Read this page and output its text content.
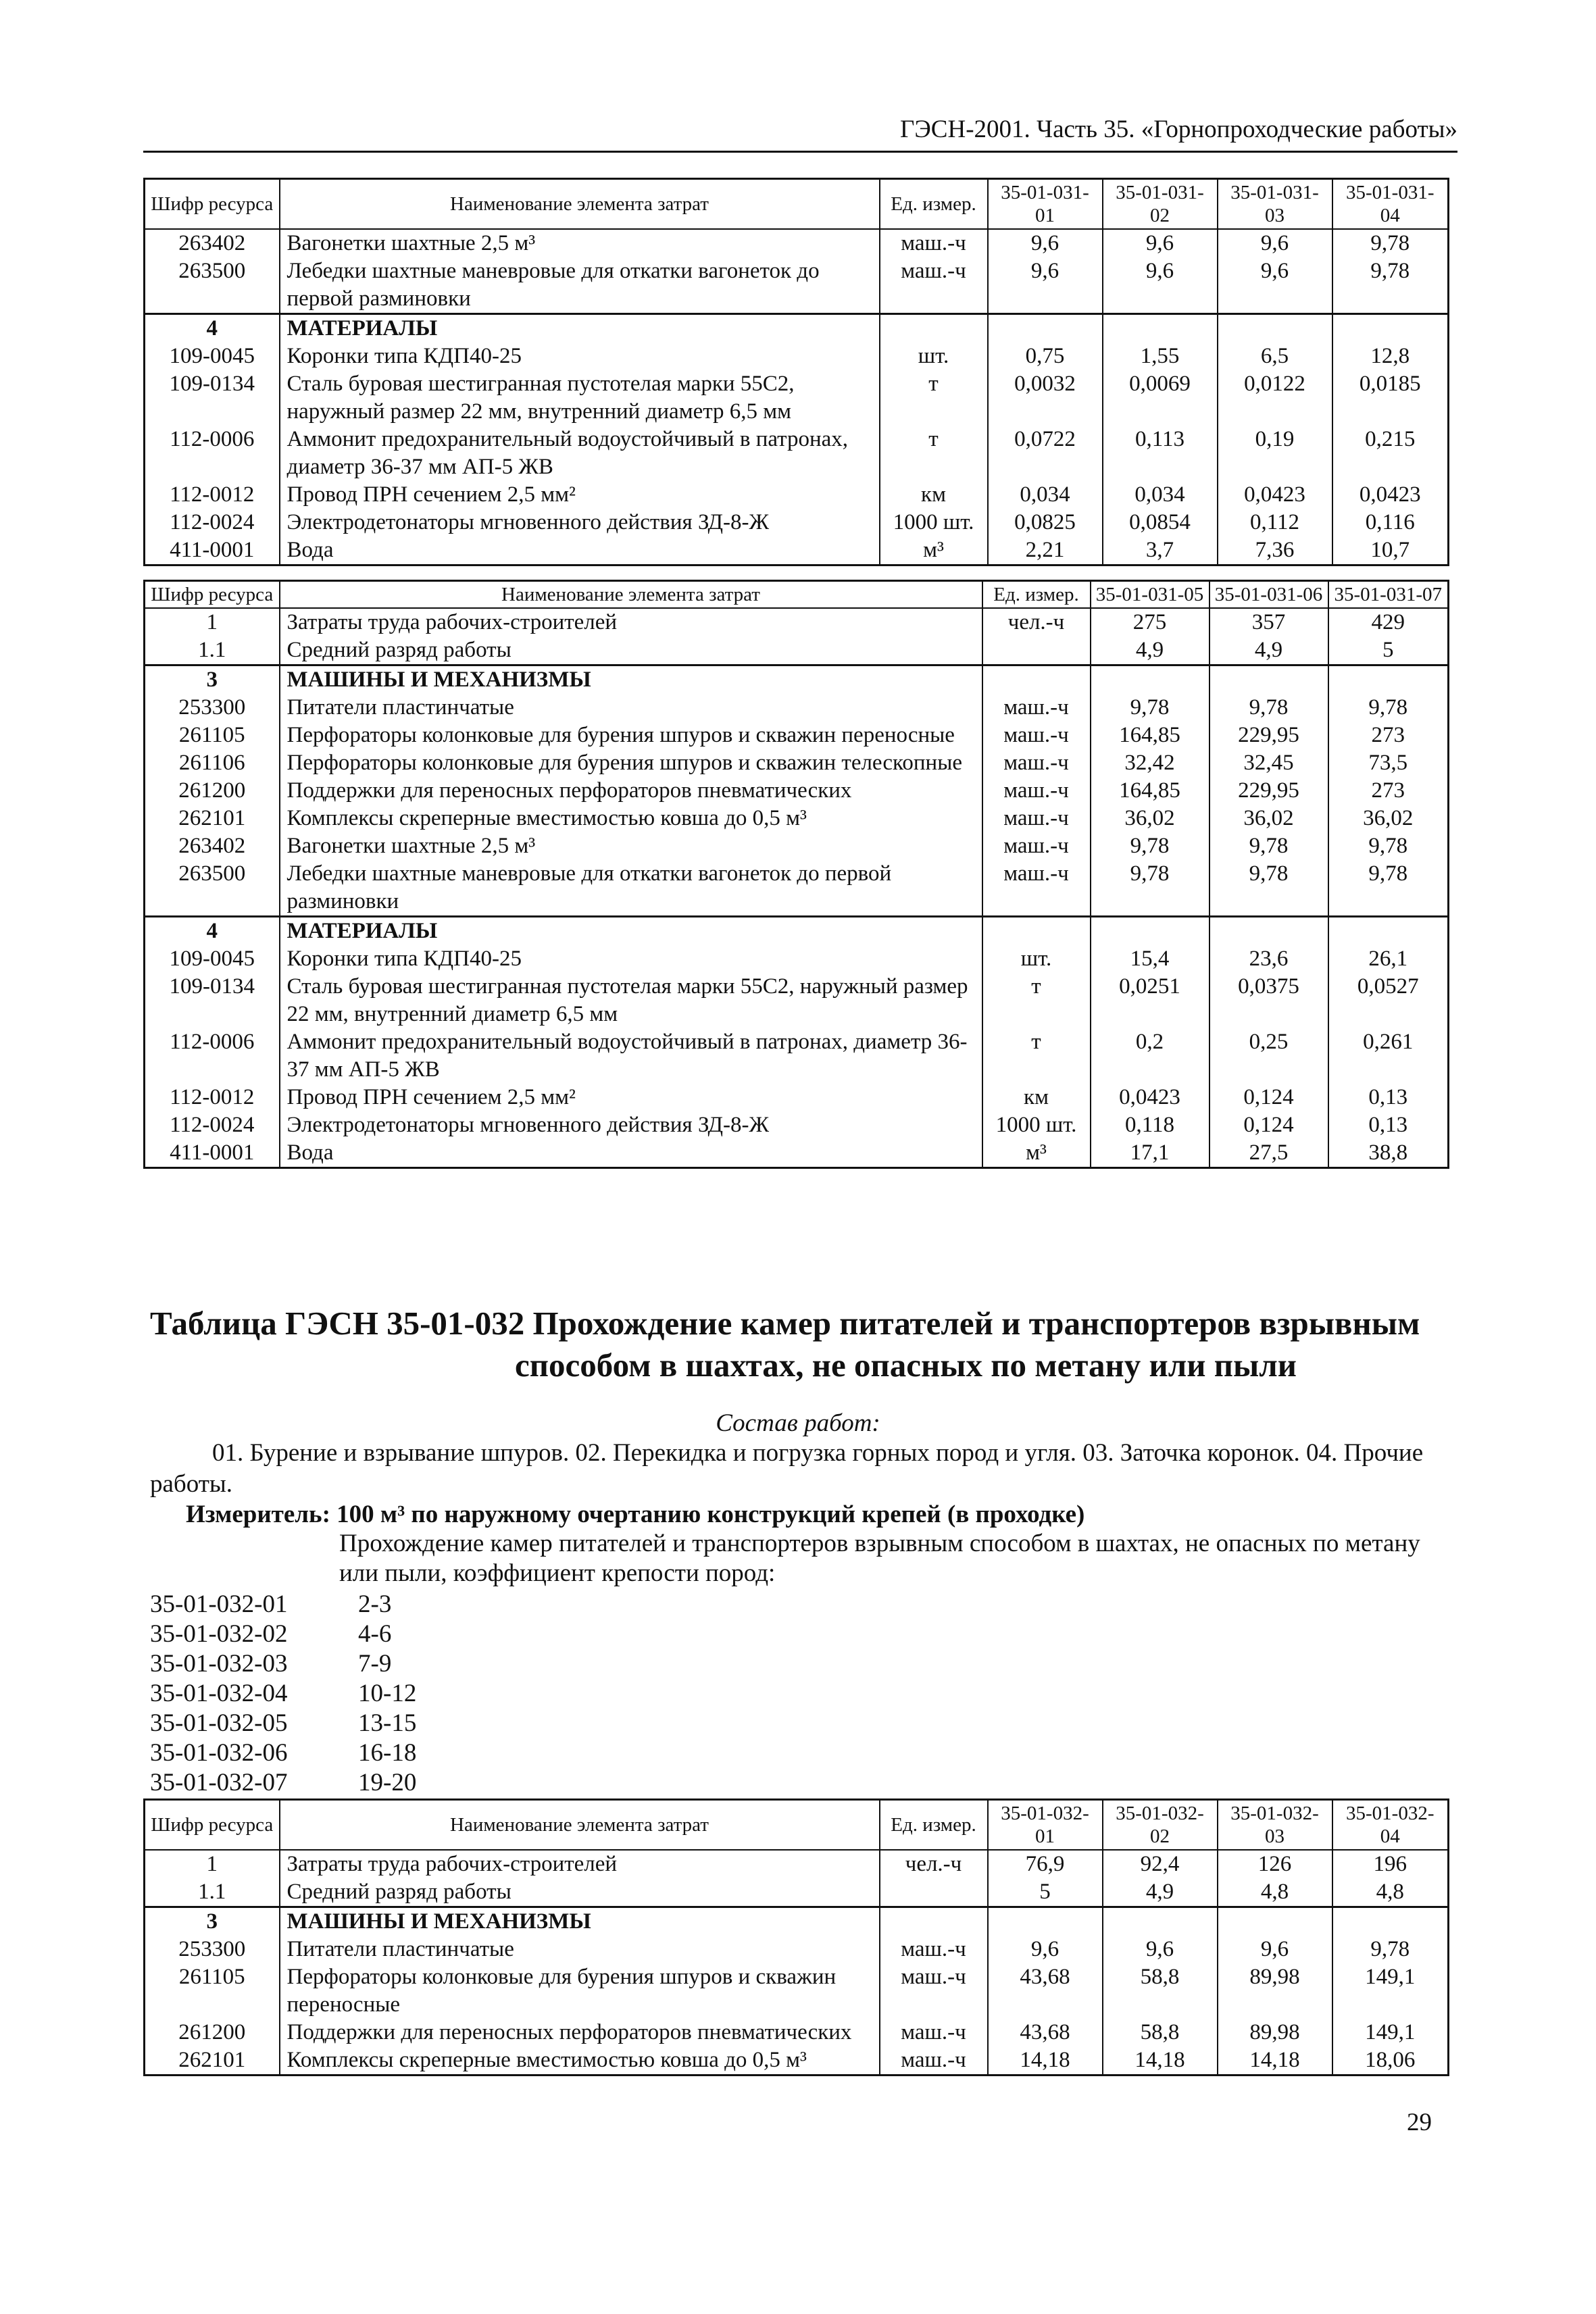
ГЭСН-2001. Часть 35. «Горнопроходческие работы»
Шифр ресурса	Наименование элемента затрат	Ед. измер.	35-01-031-01	35-01-031-02	35-01-031-03	35-01-031-04
263402	Вагонетки шахтные 2,5 м³	маш.-ч	9,6	9,6	9,6	9,78
263500	Лебедки шахтные маневровые для откатки вагонеток до первой разминовки	маш.-ч	9,6	9,6	9,6	9,78
4	МАТЕРИАЛЫ					
109-0045	Коронки типа КДП40-25	шт.	0,75	1,55	6,5	12,8
109-0134	Сталь буровая шестигранная пустотелая марки 55С2, наружный размер 22 мм, внутренний диаметр 6,5 мм	т	0,0032	0,0069	0,0122	0,0185
112-0006	Аммонит предохранительный водоустойчивый в патронах, диаметр 36-37 мм АП-5 ЖВ	т	0,0722	0,113	0,19	0,215
112-0012	Провод ПРН сечением 2,5 мм²	км	0,034	0,034	0,0423	0,0423
112-0024	Электродетонаторы мгновенного действия ЗД-8-Ж	1000 шт.	0,0825	0,0854	0,112	0,116
411-0001	Вода	м³	2,21	3,7	7,36	10,7
Шифр ресурса	Наименование элемента затрат	Ед. измер.	35-01-031-05	35-01-031-06	35-01-031-07
1	Затраты труда рабочих-строителей	чел.-ч	275	357	429
1.1	Средний разряд работы		4,9	4,9	5
3	МАШИНЫ И МЕХАНИЗМЫ				
253300	Питатели пластинчатые	маш.-ч	9,78	9,78	9,78
261105	Перфораторы колонковые для бурения шпуров и скважин переносные	маш.-ч	164,85	229,95	273
261106	Перфораторы колонковые для бурения шпуров и скважин телескопные	маш.-ч	32,42	32,45	73,5
261200	Поддержки для переносных перфораторов пневматических	маш.-ч	164,85	229,95	273
262101	Комплексы скреперные вместимостью ковша до 0,5 м³	маш.-ч	36,02	36,02	36,02
263402	Вагонетки шахтные 2,5 м³	маш.-ч	9,78	9,78	9,78
263500	Лебедки шахтные маневровые для откатки вагонеток до первой разминовки	маш.-ч	9,78	9,78	9,78
4	МАТЕРИАЛЫ				
109-0045	Коронки типа КДП40-25	шт.	15,4	23,6	26,1
109-0134	Сталь буровая шестигранная пустотелая марки 55С2, наружный размер 22 мм, внутренний диаметр 6,5 мм	т	0,0251	0,0375	0,0527
112-0006	Аммонит предохранительный водоустойчивый в патронах, диаметр 36-37 мм АП-5 ЖВ	т	0,2	0,25	0,261
112-0012	Провод ПРН сечением 2,5 мм²	км	0,0423	0,124	0,13
112-0024	Электродетонаторы мгновенного действия ЗД-8-Ж	1000 шт.	0,118	0,124	0,13
411-0001	Вода	м³	17,1	27,5	38,8
Таблица ГЭСН 35-01-032 Прохождение камер питателей и транспортеров взрывным
способом в шахтах, не опасных по метану или пыли
Состав работ:
01. Бурение и взрывание шпуров. 02. Перекидка и погрузка горных пород и угля. 03. Заточка коронок. 04. Прочие работы.
Измеритель: 100 м³ по наружному очертанию конструкций крепей (в проходке)
Прохождение камер питателей и транспортеров взрывным способом в шахтах, не опасных по метану или пыли, коэффициент крепости пород:
35-01-032-01	2-3
35-01-032-02	4-6
35-01-032-03	7-9
35-01-032-04	10-12
35-01-032-05	13-15
35-01-032-06	16-18
35-01-032-07	19-20
Шифр ресурса	Наименование элемента затрат	Ед. измер.	35-01-032-01	35-01-032-02	35-01-032-03	35-01-032-04
1	Затраты труда рабочих-строителей	чел.-ч	76,9	92,4	126	196
1.1	Средний разряд работы		5	4,9	4,8	4,8
3	МАШИНЫ И МЕХАНИЗМЫ					
253300	Питатели пластинчатые	маш.-ч	9,6	9,6	9,6	9,78
261105	Перфораторы колонковые для бурения шпуров и скважин переносные	маш.-ч	43,68	58,8	89,98	149,1
261200	Поддержки для переносных перфораторов пневматических	маш.-ч	43,68	58,8	89,98	149,1
262101	Комплексы скреперные вместимостью ковша до 0,5 м³	маш.-ч	14,18	14,18	14,18	18,06
29
